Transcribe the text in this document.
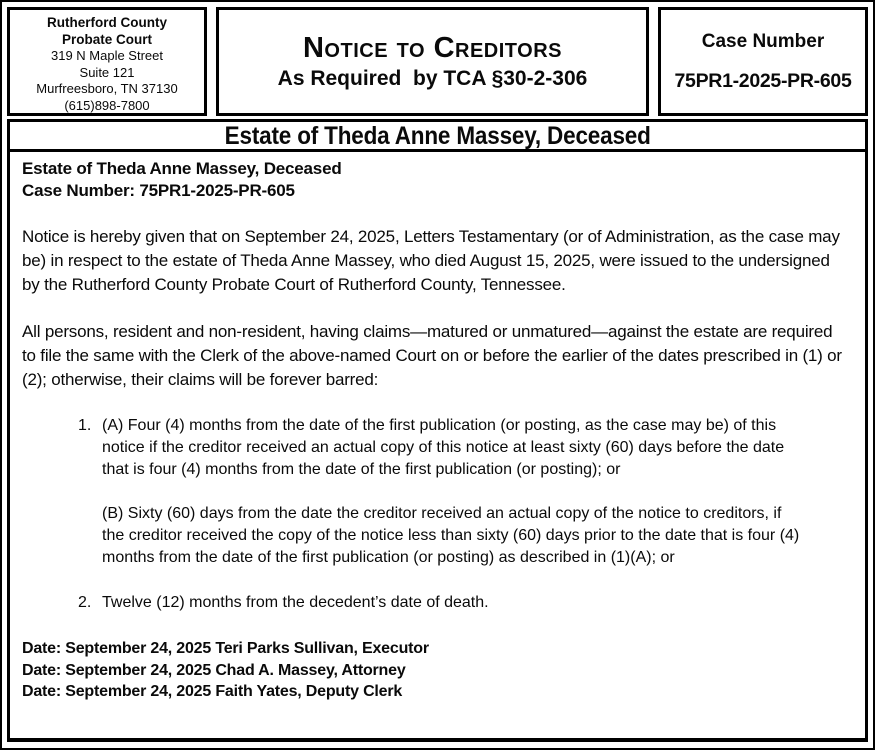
Rutherford County
Probate Court
319 N Maple Street
Suite 121
Murfreesboro, TN 37130
(615)898-7800
Notice to Creditors
As Required  by TCA §30-2-306
Case Number
75PR1-2025-PR-605
Estate of Theda Anne Massey, Deceased
Estate of Theda Anne Massey, Deceased
Case Number: 75PR1-2025-PR-605

Notice is hereby given that on September 24, 2025, Letters Testamentary (or of Administration, as the case may be) in respect to the estate of Theda Anne Massey, who died August 15, 2025, were issued to the undersigned by the Rutherford County Probate Court of Rutherford County, Tennessee.

All persons, resident and non-resident, having claims—matured or unmatured—against the estate are required to file the same with the Clerk of the above-named Court on or before the earlier of the dates prescribed in (1) or (2); otherwise, their claims will be forever barred:

1. (A) Four (4) months from the date of the first publication (or posting, as the case may be) of this notice if the creditor received an actual copy of this notice at least sixty (60) days before the date that is four (4) months from the date of the first publication (or posting); or

(B) Sixty (60) days from the date the creditor received an actual copy of the notice to creditors, if the creditor received the copy of the notice less than sixty (60) days prior to the date that is four (4) months from the date of the first publication (or posting) as described in (1)(A); or

2. Twelve (12) months from the decedent’s date of death.

Date: September 24, 2025 Teri Parks Sullivan, Executor
Date: September 24, 2025 Chad A. Massey, Attorney
Date: September 24, 2025 Faith Yates, Deputy Clerk
